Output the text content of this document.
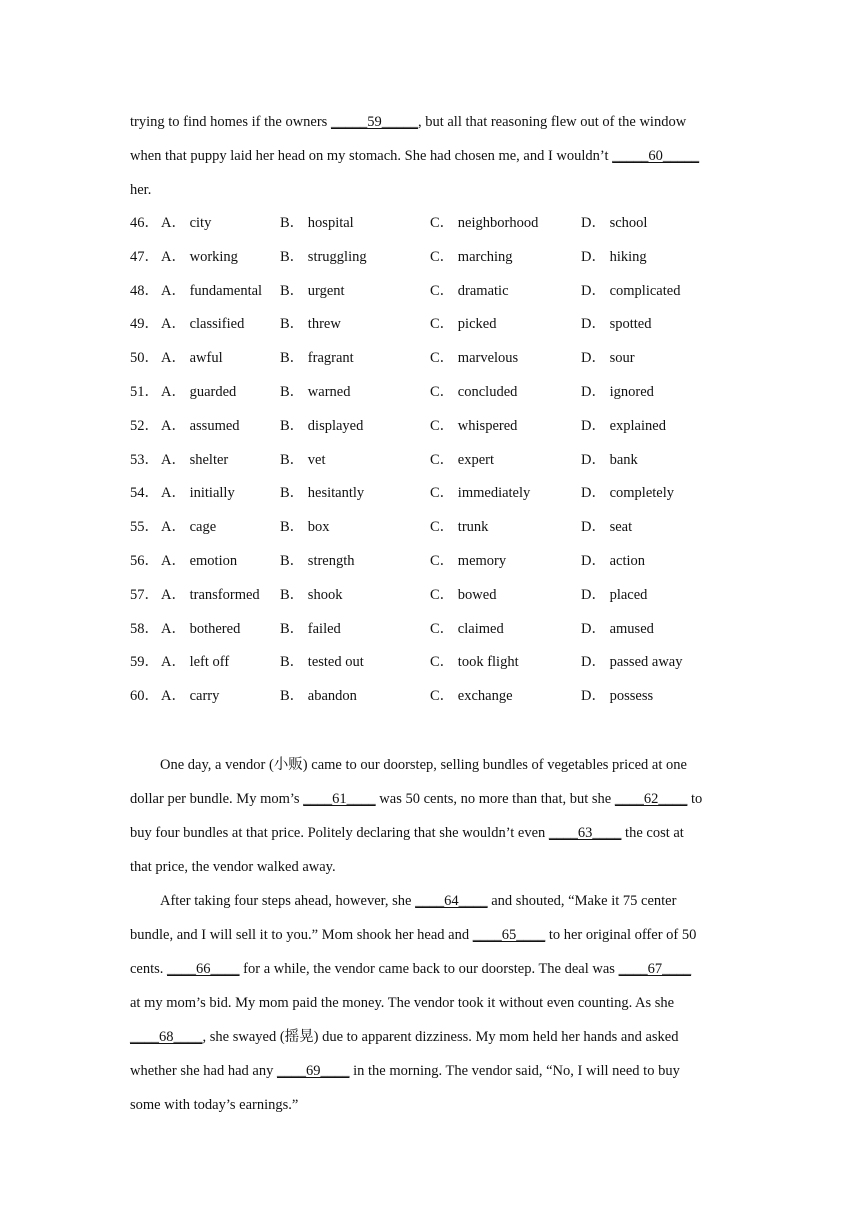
trying to find homes if the owners _____59_____, but all that reasoning flew out of the window
when that puppy laid her head on my stomach. She had chosen me, and I wouldn’t _____60_____
her.
46． A． city	B． hospital	C． neighborhood	D． school
47． A． working	B． struggling	C． marching	D． hiking
48． A． fundamental B． urgent	C． dramatic	D． complicated
49． A． classified B． threw	C． picked	D． spotted
50． A． awful	B． fragrant	C． marvelous	D． sour
51． A． guarded	B． warned	C． concluded	D． ignored
52． A． assumed	B． displayed	C． whispered	D． explained
53． A． shelter	B． vet	C． expert	D． bank
54． A． initially	B． hesitantly	C． immediately	D． completely
55． A． cage	B． box	C． trunk	D． seat
56． A． emotion	B． strength	C． memory	D． action
57． A． transformed B． shook	C． bowed	D． placed
58． A． bothered	B． failed	C． claimed	D． amused
59． A． left off	B． tested out	C． took flight	D． passed away
60． A． carry	B． abandon	C． exchange	D． possess
One day, a vendor (小贩) came to our doorstep, selling bundles of vegetables priced at one
dollar per bundle. My mom’s ____61____ was 50 cents, no more than that, but she ____62____ to
buy four bundles at that price. Politely declaring that she wouldn’t even ____63____ the cost at
that price, the vendor walked away.
After taking four steps ahead, however, she ____64____ and shouted, “Make it 75 center
bundle, and I will sell it to you.” Mom shook her head and ____65____ to her original offer of 50
cents. ____66____ for a while, the vendor came back to our doorstep. The deal was ____67____
at my mom’s bid. My mom paid the money. The vendor took it without even counting. As she
____68____, she swayed (摇晃) due to apparent dizziness. My mom held her hands and asked
whether she had had any ____69____ in the morning. The vendor said, “No, I will need to buy
some with today’s earnings.”
